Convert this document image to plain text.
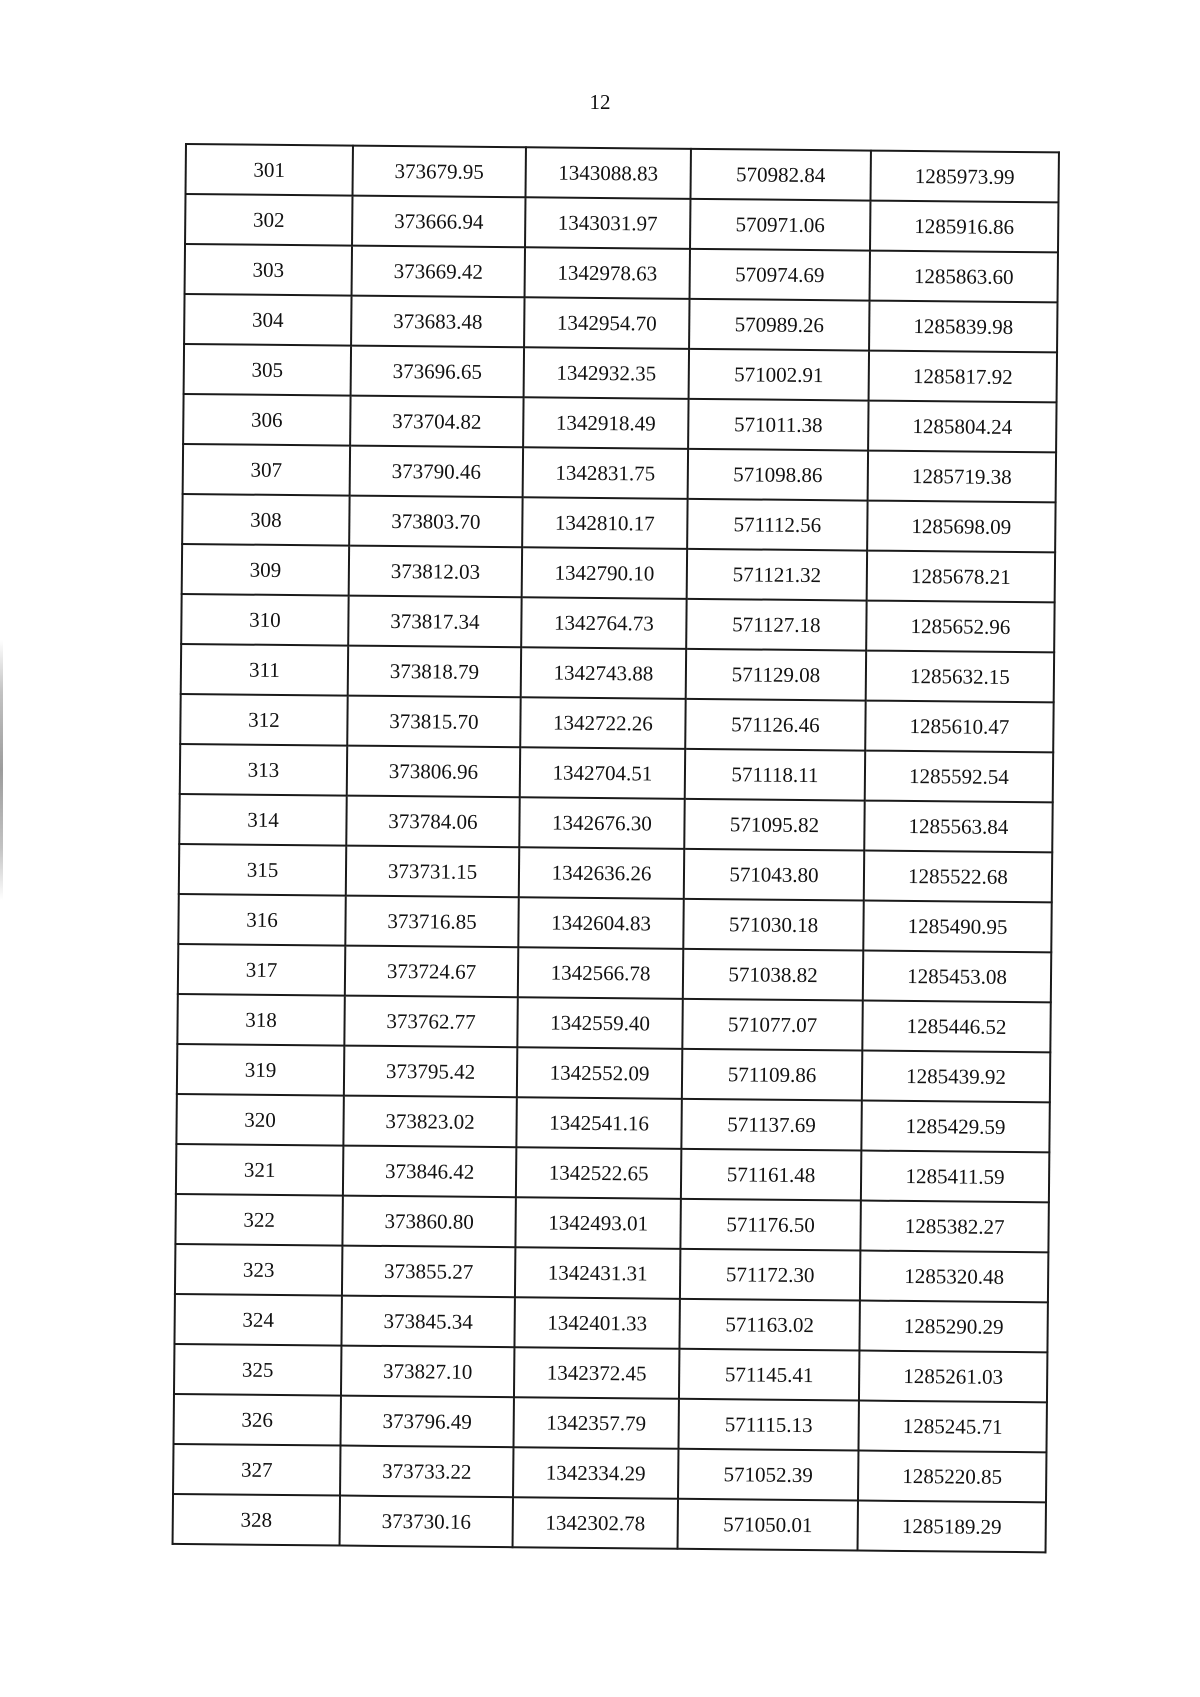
12
301	373679.95	1343088.83	570982.84	1285973.99
302	373666.94	1343031.97	570971.06	1285916.86
303	373669.42	1342978.63	570974.69	1285863.60
304	373683.48	1342954.70	570989.26	1285839.98
305	373696.65	1342932.35	571002.91	1285817.92
306	373704.82	1342918.49	571011.38	1285804.24
307	373790.46	1342831.75	571098.86	1285719.38
308	373803.70	1342810.17	571112.56	1285698.09
309	373812.03	1342790.10	571121.32	1285678.21
310	373817.34	1342764.73	571127.18	1285652.96
311	373818.79	1342743.88	571129.08	1285632.15
312	373815.70	1342722.26	571126.46	1285610.47
313	373806.96	1342704.51	571118.11	1285592.54
314	373784.06	1342676.30	571095.82	1285563.84
315	373731.15	1342636.26	571043.80	1285522.68
316	373716.85	1342604.83	571030.18	1285490.95
317	373724.67	1342566.78	571038.82	1285453.08
318	373762.77	1342559.40	571077.07	1285446.52
319	373795.42	1342552.09	571109.86	1285439.92
320	373823.02	1342541.16	571137.69	1285429.59
321	373846.42	1342522.65	571161.48	1285411.59
322	373860.80	1342493.01	571176.50	1285382.27
323	373855.27	1342431.31	571172.30	1285320.48
324	373845.34	1342401.33	571163.02	1285290.29
325	373827.10	1342372.45	571145.41	1285261.03
326	373796.49	1342357.79	571115.13	1285245.71
327	373733.22	1342334.29	571052.39	1285220.85
328	373730.16	1342302.78	571050.01	1285189.29
